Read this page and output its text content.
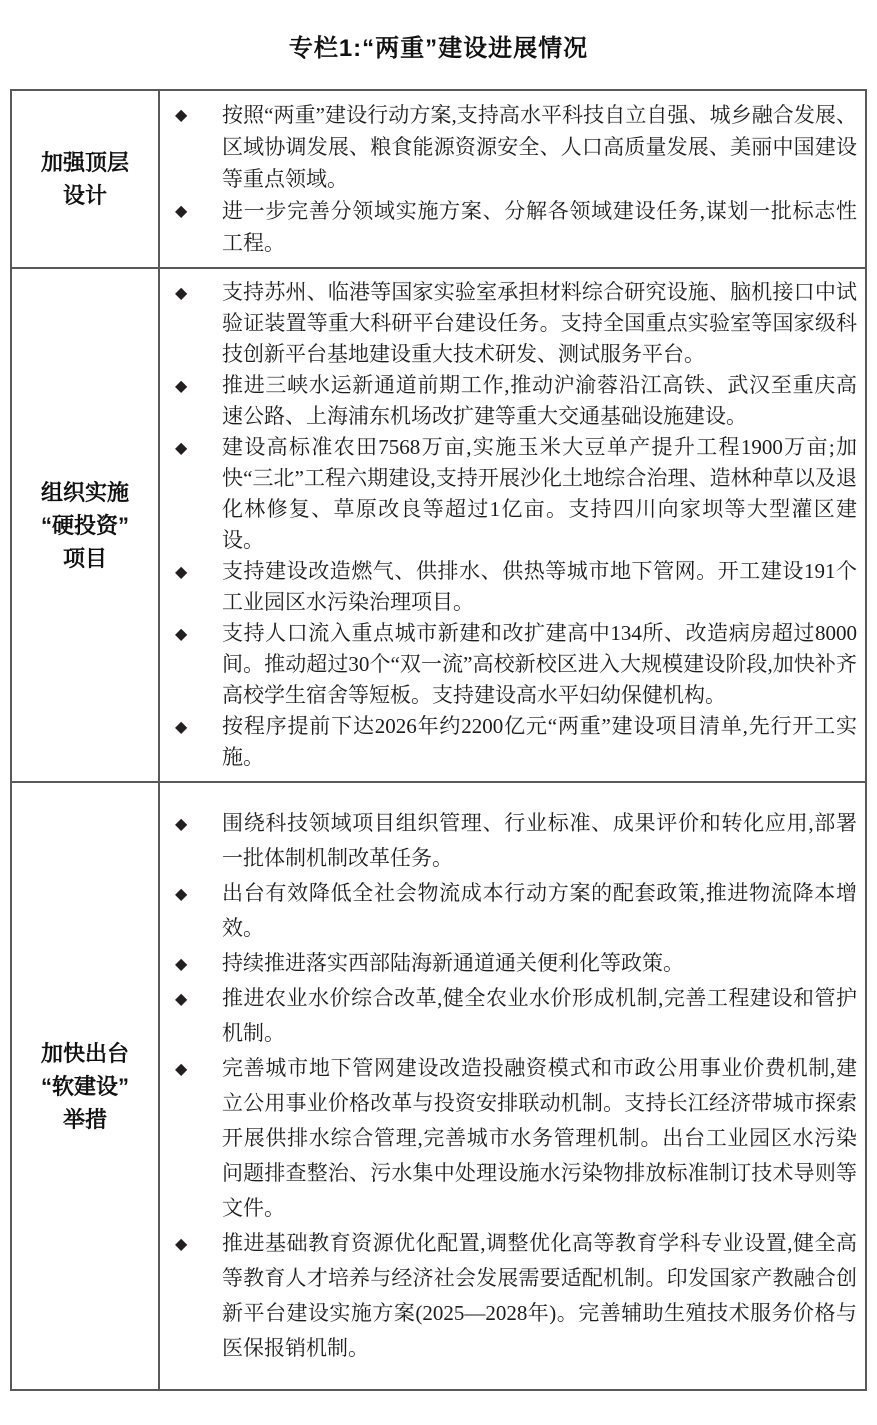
专栏1:“两重”建设进展情况
加强顶层
设计

◆	按照“两重”建设行动方案,支持高水平科技自立自强、城乡融合发展、区域协调发展、粮食能源资源安全、人口高质量发展、美丽中国建设等重点领域。
◆	进一步完善分领域实施方案、分解各领域建设任务,谋划一批标志性工程。

组织实施
“硬投资”
项目

◆	支持苏州、临港等国家实验室承担材料综合研究设施、脑机接口中试验证装置等重大科研平台建设任务。支持全国重点实验室等国家级科技创新平台基地建设重大技术研发、测试服务平台。
◆	推进三峡水运新通道前期工作,推动沪渝蓉沿江高铁、武汉至重庆高速公路、上海浦东机场改扩建等重大交通基础设施建设。
◆	建设高标准农田7568万亩,实施玉米大豆单产提升工程1900万亩;加快“三北”工程六期建设,支持开展沙化土地综合治理、造林种草以及退化林修复、草原改良等超过1亿亩。支持四川向家坝等大型灌区建设。
◆	支持建设改造燃气、供排水、供热等城市地下管网。开工建设191个工业园区水污染治理项目。
◆	支持人口流入重点城市新建和改扩建高中134所、改造病房超过8000间。推动超过30个“双一流”高校新校区进入大规模建设阶段,加快补齐高校学生宿舍等短板。支持建设高水平妇幼保健机构。
◆	按程序提前下达2026年约2200亿元“两重”建设项目清单,先行开工实施。

加快出台
“软建设”
举措

◆	围绕科技领域项目组织管理、行业标准、成果评价和转化应用,部署一批体制机制改革任务。
◆	出台有效降低全社会物流成本行动方案的配套政策,推进物流降本增效。
◆	持续推进落实西部陆海新通道通关便利化等政策。
◆	推进农业水价综合改革,健全农业水价形成机制,完善工程建设和管护机制。
◆	完善城市地下管网建设改造投融资模式和市政公用事业价费机制,建立公用事业价格改革与投资安排联动机制。支持长江经济带城市探索开展供排水综合管理,完善城市水务管理机制。出台工业园区水污染问题排查整治、污水集中处理设施水污染物排放标准制订技术导则等文件。
◆	推进基础教育资源优化配置,调整优化高等教育学科专业设置,健全高等教育人才培养与经济社会发展需要适配机制。印发国家产教融合创新平台建设实施方案(2025—2028年)。完善辅助生殖技术服务价格与医保报销机制。
